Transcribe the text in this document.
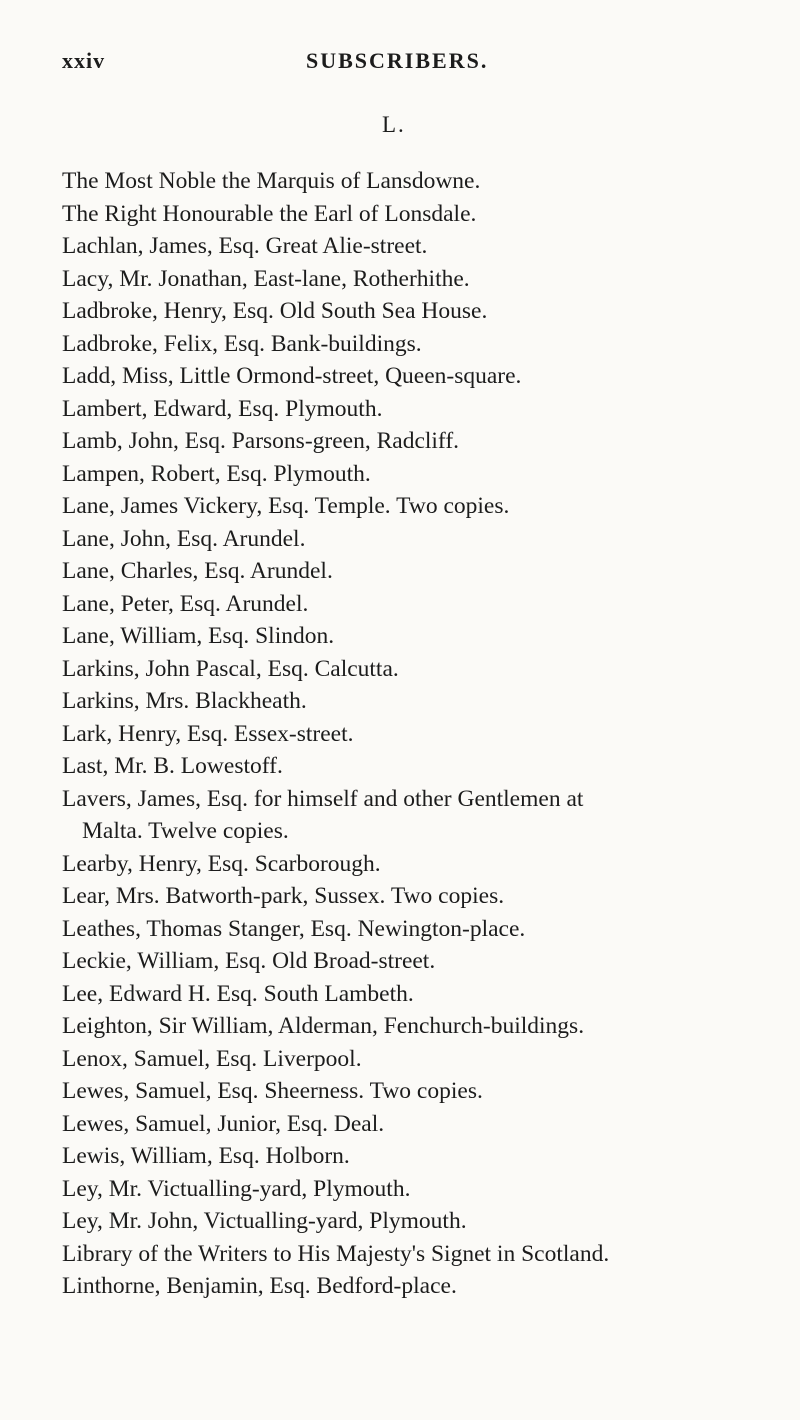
xxiv	SUBSCRIBERS.
L.
The Most Noble the Marquis of Lansdowne.
The Right Honourable the Earl of Lonsdale.
Lachlan, James, Esq. Great Alie-street.
Lacy, Mr. Jonathan, East-lane, Rotherhithe.
Ladbroke, Henry, Esq. Old South Sea House.
Ladbroke, Felix, Esq. Bank-buildings.
Ladd, Miss, Little Ormond-street, Queen-square.
Lambert, Edward, Esq. Plymouth.
Lamb, John, Esq. Parsons-green, Radcliff.
Lampen, Robert, Esq. Plymouth.
Lane, James Vickery, Esq. Temple. Two copies.
Lane, John, Esq. Arundel.
Lane, Charles, Esq. Arundel.
Lane, Peter, Esq. Arundel.
Lane, William, Esq. Slindon.
Larkins, John Pascal, Esq. Calcutta.
Larkins, Mrs. Blackheath.
Lark, Henry, Esq. Essex-street.
Last, Mr. B. Lowestoff.
Lavers, James, Esq. for himself and other Gentlemen at
Malta. Twelve copies.
Learby, Henry, Esq. Scarborough.
Lear, Mrs. Batworth-park, Sussex. Two copies.
Leathes, Thomas Stanger, Esq. Newington-place.
Leckie, William, Esq. Old Broad-street.
Lee, Edward H. Esq. South Lambeth.
Leighton, Sir William, Alderman, Fenchurch-buildings.
Lenox, Samuel, Esq. Liverpool.
Lewes, Samuel, Esq. Sheerness. Two copies.
Lewes, Samuel, Junior, Esq. Deal.
Lewis, William, Esq. Holborn.
Ley, Mr. Victualling-yard, Plymouth.
Ley, Mr. John, Victualling-yard, Plymouth.
Library of the Writers to His Majesty's Signet in Scotland.
Linthorne, Benjamin, Esq. Bedford-place.
